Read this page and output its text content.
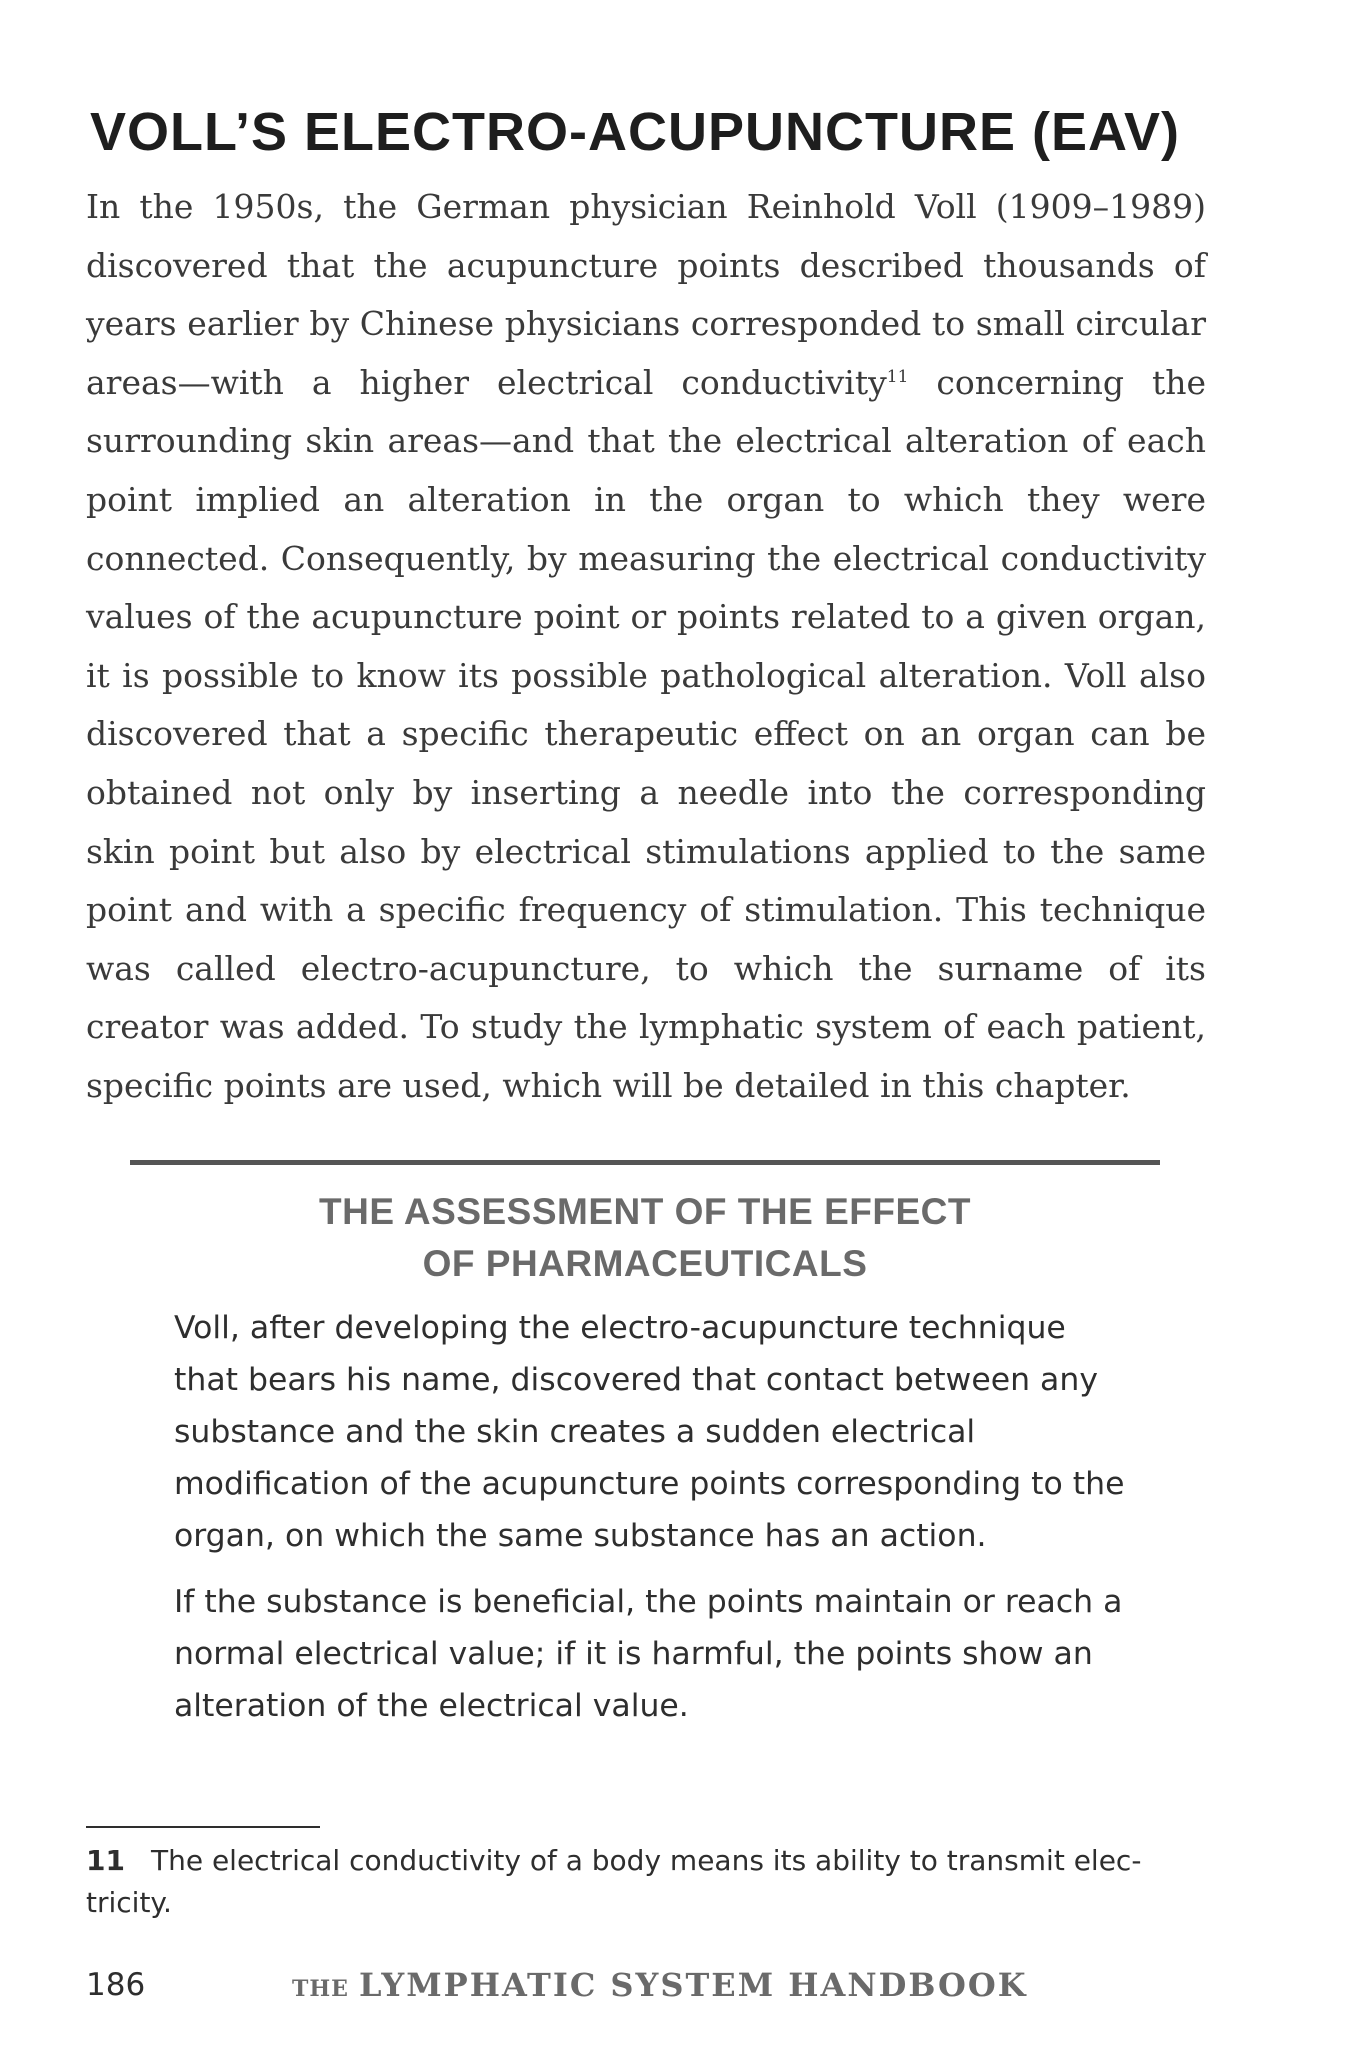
VOLL’S ELECTRO-ACUPUNCTURE (EAV)

In the 1950s, the German physician Reinhold Voll (1909–1989) discovered that the acupuncture points described thousands of years earlier by Chinese physicians corresponded to small circular areas—with a higher electrical conductivity$^{11}$ concerning the surrounding skin areas—and that the electrical alteration of each point implied an alteration in the organ to which they were connected. Consequently, by measuring the electrical conductivity values of the acupuncture point or points related to a given organ, it is possible to know its possible pathological alteration. Voll also discovered that a specific therapeutic effect on an organ can be obtained not only by inserting a needle into the corresponding skin point but also by electrical stimulations applied to the same point and with a specific frequency of stimulation. This technique was called electro-acupuncture, to which the surname of its creator was added. To study the lymphatic system of each patient, specific points are used, which will be detailed in this chapter.

THE ASSESSMENT OF THE EFFECT
OF PHARMACEUTICALS

Voll, after developing the electro-acupuncture technique that bears his name, discovered that contact between any substance and the skin creates a sudden electrical modification of the acupuncture points corresponding to the organ, on which the same substance has an action.

If the substance is beneficial, the points maintain or reach a normal electrical value; if it is harmful, the points show an alteration of the electrical value.

11 The electrical conductivity of a body means its ability to transmit electricity.

186	THE LYMPHATIC SYSTEM HANDBOOK
